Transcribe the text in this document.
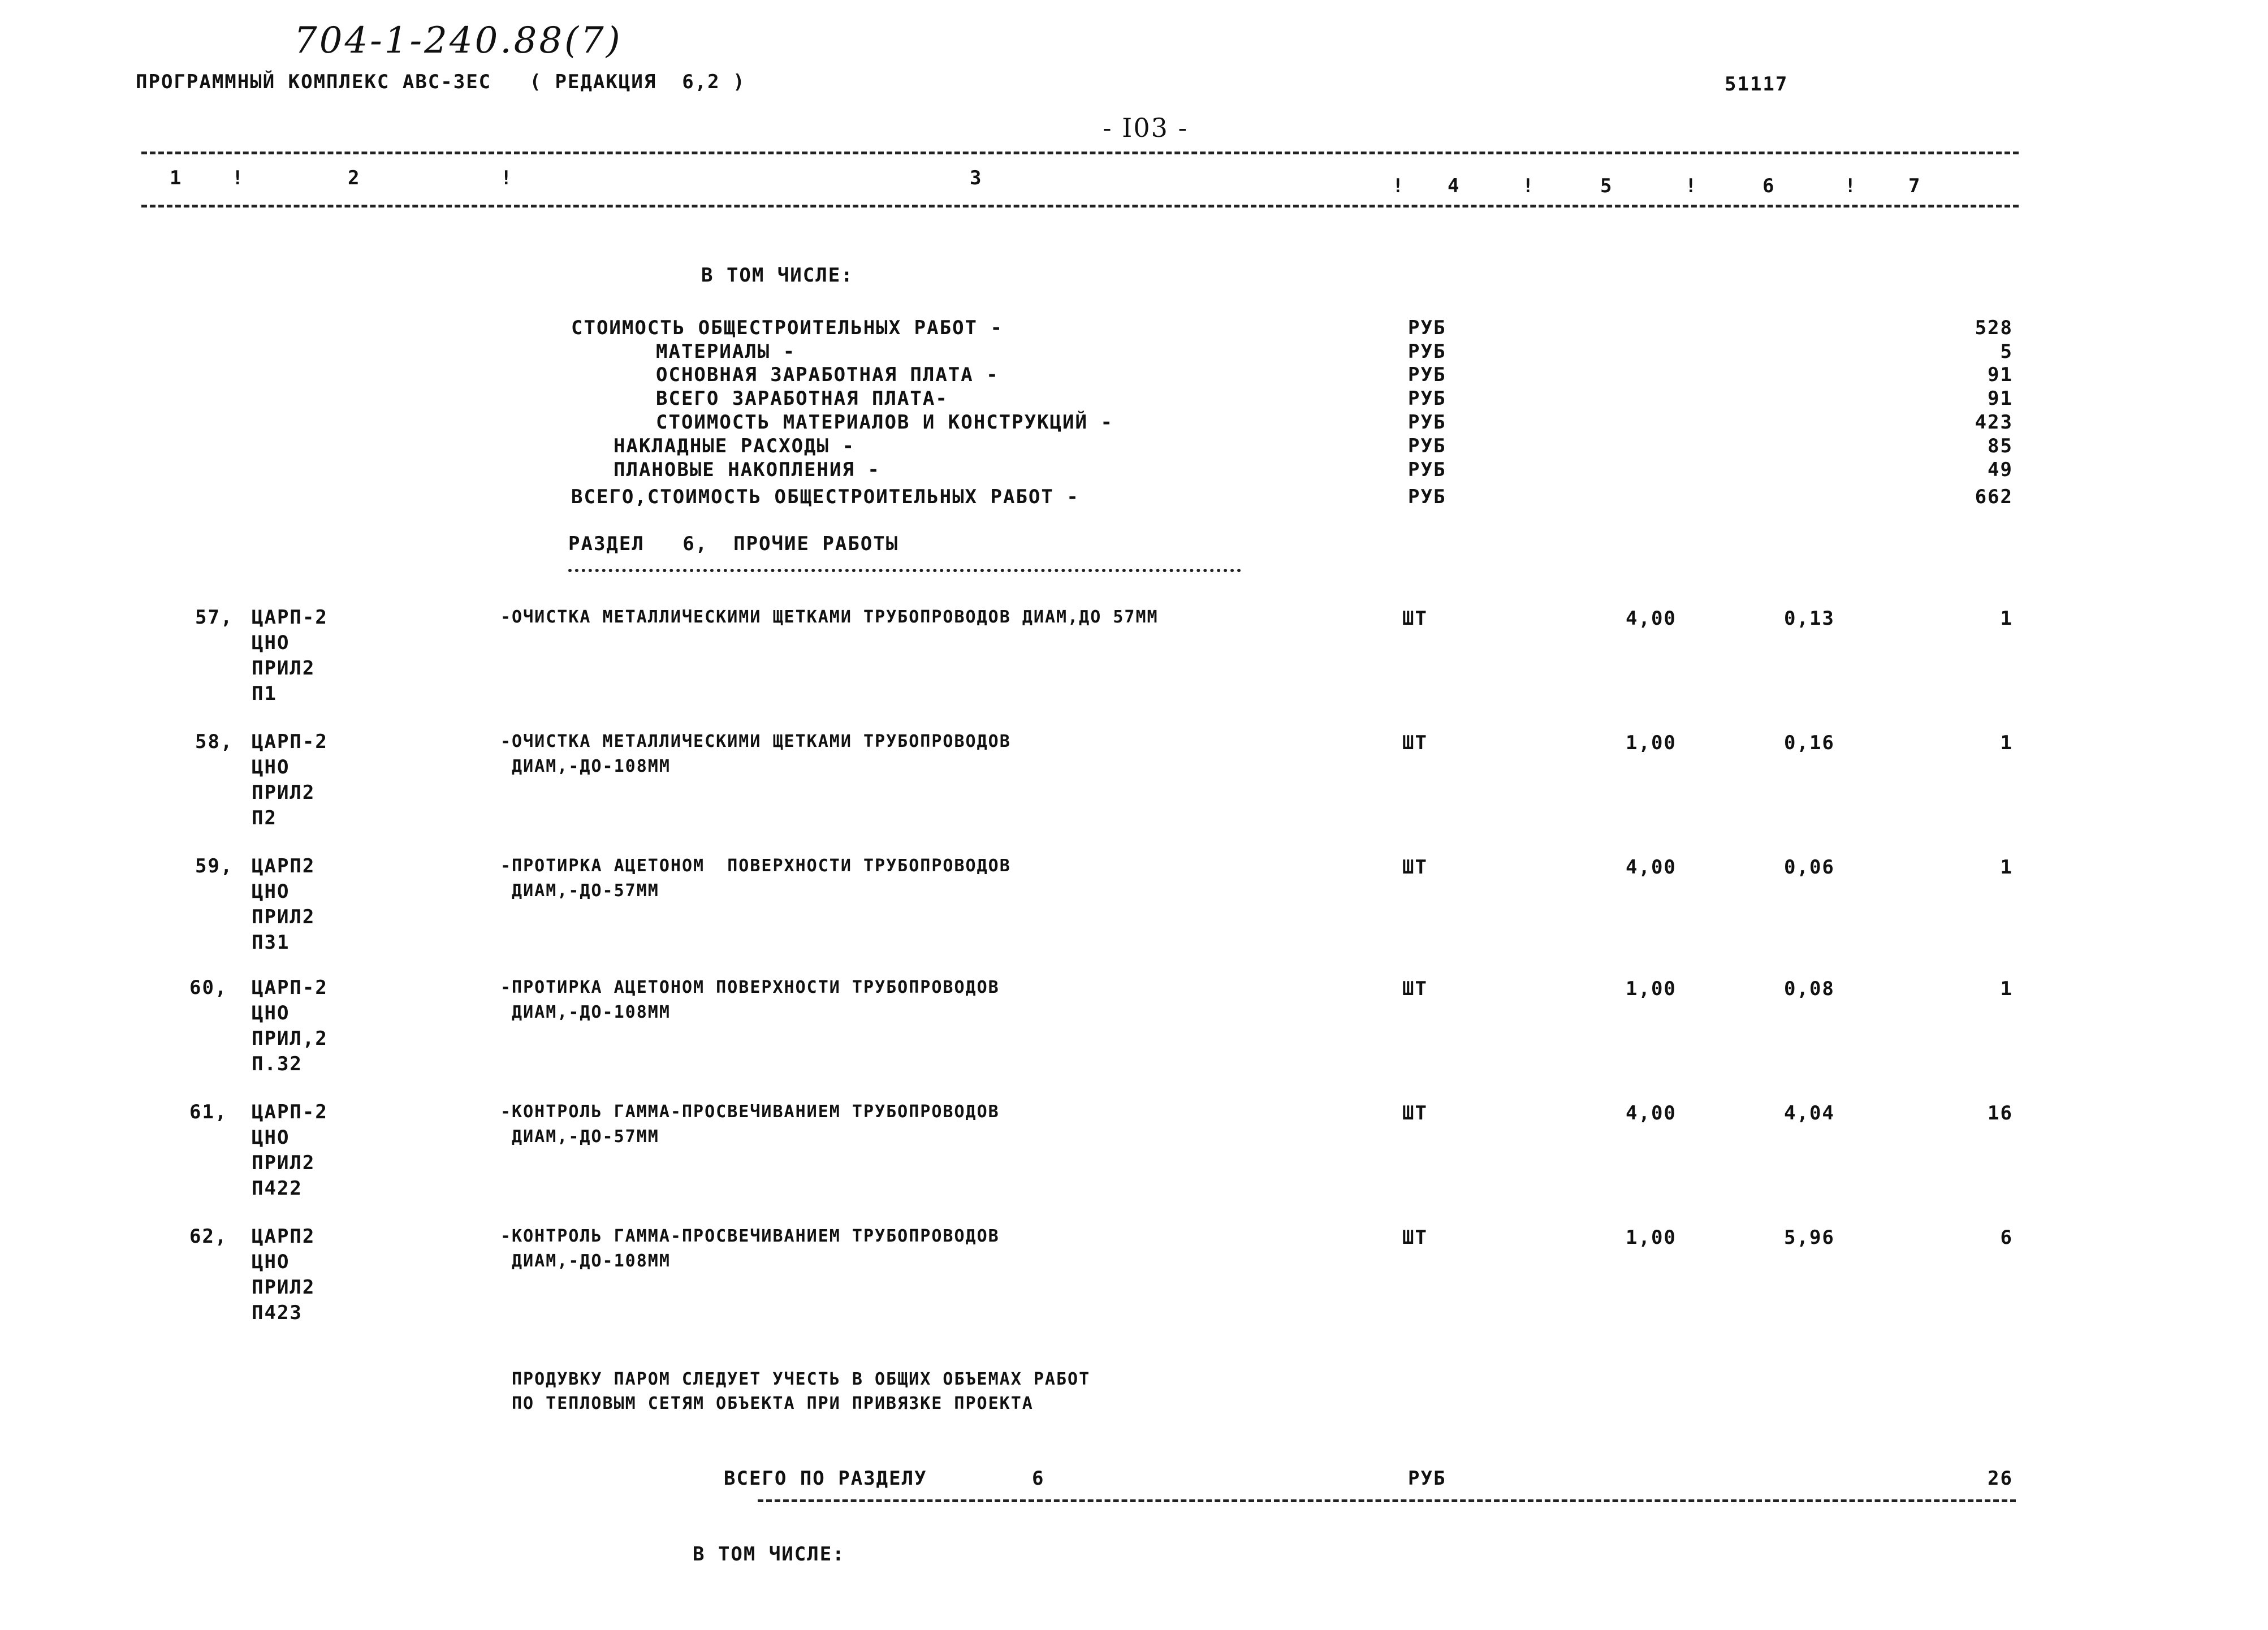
704-1-240.88(7)
ПРОГРАММНЫЙ КОМПЛЕКС АВС-ЗЕС   ( РЕДАКЦИЯ  6,2 )	51117
- I03 -
1	!	2	!	3	! 4	!	5	!	6	!	7
В ТОМ ЧИСЛЕ:
СТОИМОСТЬ ОБЩЕСТРОИТЕЛЬНЫХ РАБОТ -	РУБ	528
МАТЕРИАЛЫ -	РУБ	5
ОСНОВНАЯ ЗАРАБОТНАЯ ПЛАТА -	РУБ	91
ВСЕГО ЗАРАБОТНАЯ ПЛАТА-	РУБ	91
СТОИМОСТЬ МАТЕРИАЛОВ И КОНСТРУКЦИЙ -	РУБ	423
НАКЛАДНЫЕ РАСХОДЫ -	РУБ	85
ПЛАНОВЫЕ НАКОПЛЕНИЯ -	РУБ	49
ВСЕГО,СТОИМОСТЬ ОБЩЕСТРОИТЕЛЬНЫХ РАБОТ -	РУБ	662
РАЗДЕЛ   6,  ПРОЧИЕ РАБОТЫ
57, ЦАРП-2
ЦНО
ПРИЛ2
П1
-ОЧИСТКА МЕТАЛЛИЧЕСКИМИ ЩЕТКАМИ ТРУБОПРОВОДОВ ДИАМ,ДО 57ММ	ШТ	4,00	0,13	1
58, ЦАРП-2
ЦНО
ПРИЛ2
П2
-ОЧИСТКА МЕТАЛЛИЧЕСКИМИ ЩЕТКАМИ ТРУБОПРОВОДОВ
ДИАМ,-ДО-108ММ
ШТ	1,00	0,16	1
59, ЦАРП2
ЦНО
ПРИЛ2
П31
-ПРОТИРКА АЦЕТОНОМ  ПОВЕРХНОСТИ ТРУБОПРОВОДОВ
ДИАМ,-ДО-57ММ
ШТ	4,00	0,06	1
60, ЦАРП-2
ЦНО
ПРИЛ,2
П.32
-ПРОТИРКА АЦЕТОНОМ ПОВЕРХНОСТИ ТРУБОПРОВОДОВ
ДИАМ,-ДО-108ММ
ШТ	1,00	0,08	1
61, ЦАРП-2
ЦНО
ПРИЛ2
П422
-КОНТРОЛЬ ГАММА-ПРОСВЕЧИВАНИЕМ ТРУБОПРОВОДОВ
ДИАМ,-ДО-57ММ
ШТ	4,00	4,04	16
62, ЦАРП2
ЦНО
ПРИЛ2
П423
-КОНТРОЛЬ ГАММА-ПРОСВЕЧИВАНИЕМ ТРУБОПРОВОДОВ
ДИАМ,-ДО-108ММ
ШТ	1,00	5,96	6
ПРОДУВКУ ПАРОМ СЛЕДУЕТ УЧЕСТЬ В ОБЩИХ ОБЪЕМАХ РАБОТ
ПО ТЕПЛОВЫМ СЕТЯМ ОБЪЕКТА ПРИ ПРИВЯЗКЕ ПРОЕКТА
ВСЕГО ПО РАЗДЕЛУ	6	РУБ	26
В ТОМ ЧИСЛЕ:
